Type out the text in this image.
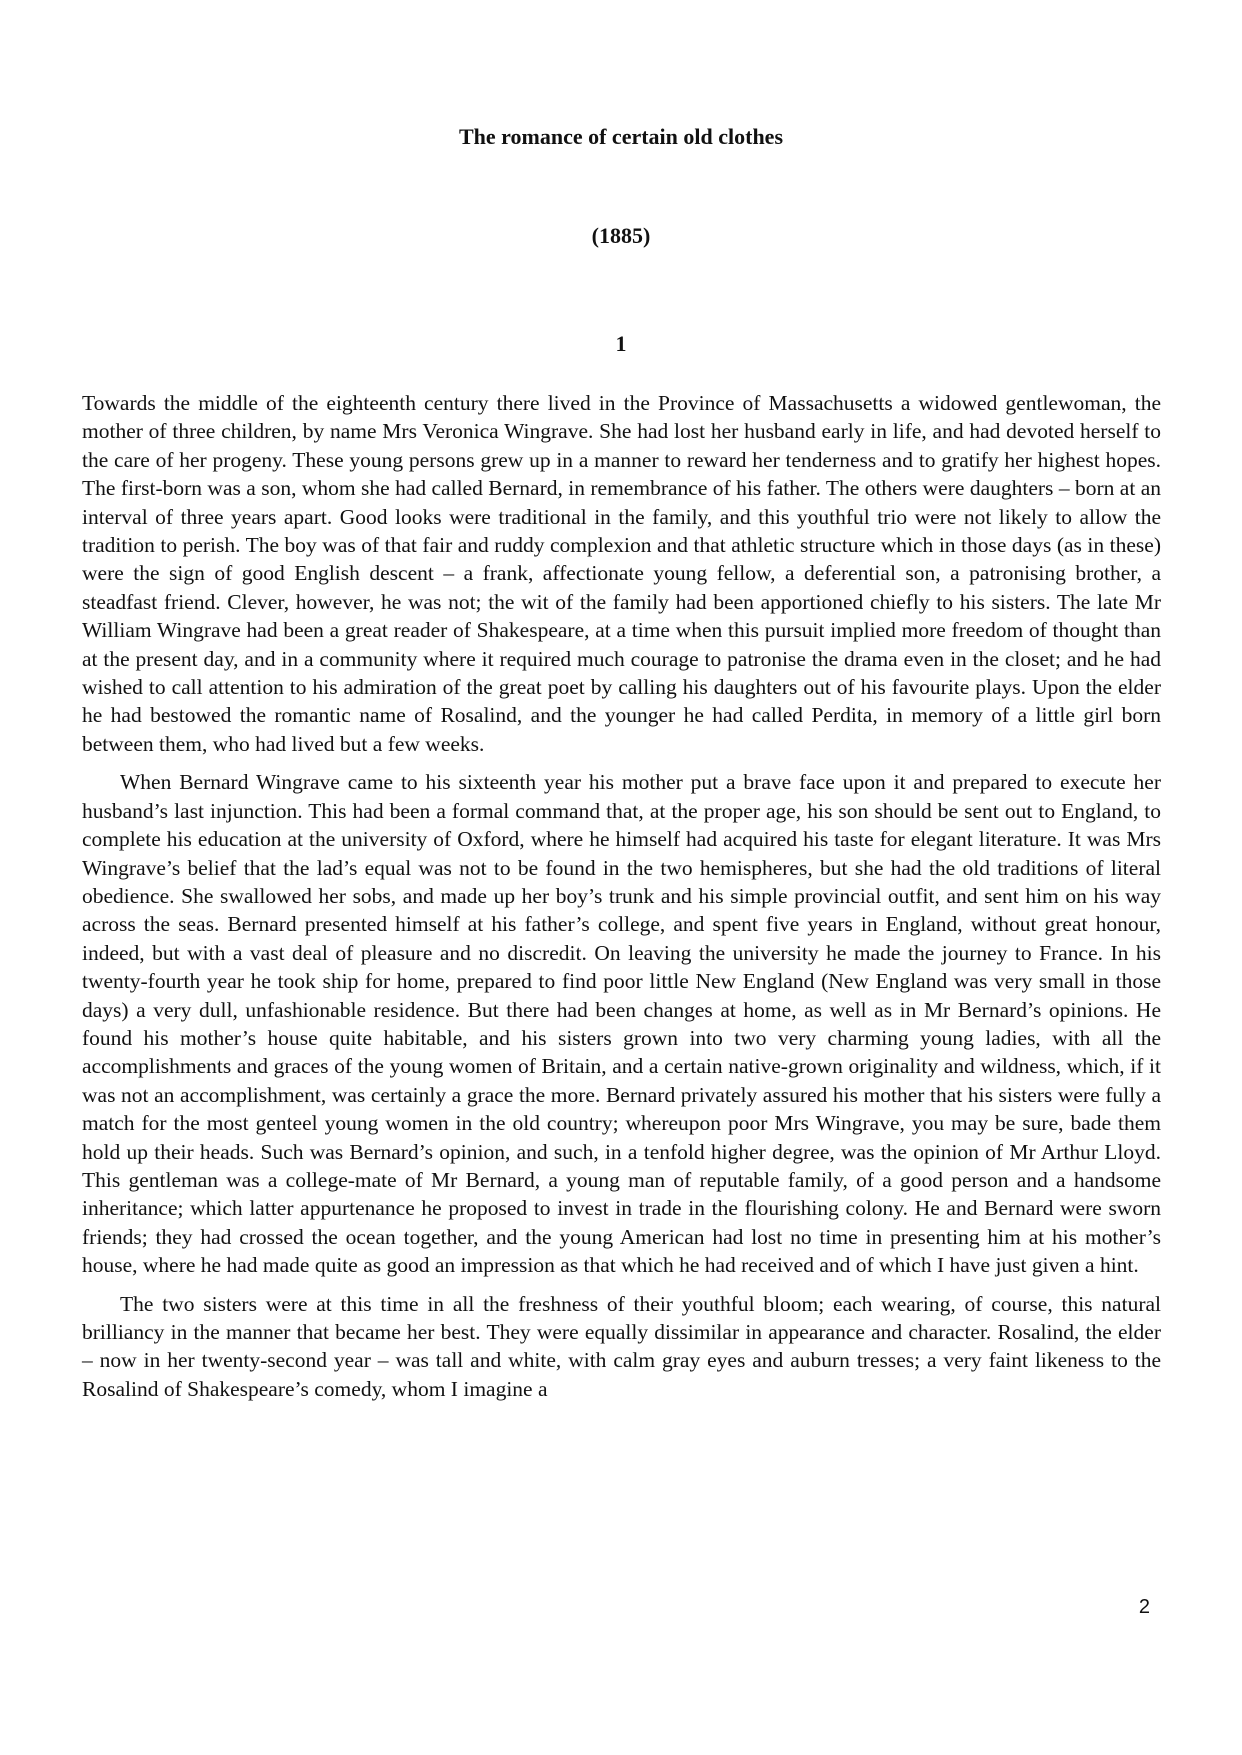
The romance of certain old clothes
(1885)
1

Towards the middle of the eighteenth century there lived in the Province of Massachusetts a widowed gentlewoman, the mother of three children, by name Mrs Veronica Wingrave. She had lost her husband early in life, and had devoted herself to the care of her progeny. These young persons grew up in a manner to reward her tenderness and to gratify her highest hopes. The first-born was a son, whom she had called Bernard, in remembrance of his father. The others were daughters – born at an interval of three years apart. Good looks were traditional in the family, and this youthful trio were not likely to allow the tradition to perish. The boy was of that fair and ruddy complexion and that athletic structure which in those days (as in these) were the sign of good English descent – a frank, affectionate young fellow, a deferential son, a patronising brother, a steadfast friend. Clever, however, he was not; the wit of the family had been apportioned chiefly to his sisters. The late Mr William Wingrave had been a great reader of Shakespeare, at a time when this pursuit implied more freedom of thought than at the present day, and in a community where it required much courage to patronise the drama even in the closet; and he had wished to call attention to his admiration of the great poet by calling his daughters out of his favourite plays. Upon the elder he had bestowed the romantic name of Rosalind, and the younger he had called Perdita, in memory of a little girl born between them, who had lived but a few weeks.

When Bernard Wingrave came to his sixteenth year his mother put a brave face upon it and prepared to execute her husband’s last injunction. This had been a formal command that, at the proper age, his son should be sent out to England, to complete his education at the university of Oxford, where he himself had acquired his taste for elegant literature. It was Mrs Wingrave’s belief that the lad’s equal was not to be found in the two hemispheres, but she had the old traditions of literal obedience. She swallowed her sobs, and made up her boy’s trunk and his simple provincial outfit, and sent him on his way across the seas. Bernard presented himself at his father’s college, and spent five years in England, without great honour, indeed, but with a vast deal of pleasure and no discredit. On leaving the university he made the journey to France. In his twenty-fourth year he took ship for home, prepared to find poor little New England (New England was very small in those days) a very dull, unfashionable residence. But there had been changes at home, as well as in Mr Bernard’s opinions. He found his mother’s house quite habitable, and his sisters grown into two very charming young ladies, with all the accomplishments and graces of the young women of Britain, and a certain native-grown originality and wildness, which, if it was not an accomplishment, was certainly a grace the more. Bernard privately assured his mother that his sisters were fully a match for the most genteel young women in the old country; whereupon poor Mrs Wingrave, you may be sure, bade them hold up their heads. Such was Bernard’s opinion, and such, in a tenfold higher degree, was the opinion of Mr Arthur Lloyd. This gentleman was a college-mate of Mr Bernard, a young man of reputable family, of a good person and a handsome inheritance; which latter appurtenance he proposed to invest in trade in the flourishing colony. He and Bernard were sworn friends; they had crossed the ocean together, and the young American had lost no time in presenting him at his mother’s house, where he had made quite as good an impression as that which he had received and of which I have just given a hint.

The two sisters were at this time in all the freshness of their youthful bloom; each wearing, of course, this natural brilliancy in the manner that became her best. They were equally dissimilar in appearance and character. Rosalind, the elder – now in her twenty-second year – was tall and white, with calm gray eyes and auburn tresses; a very faint likeness to the Rosalind of Shakespeare’s comedy, whom I imagine a

2
